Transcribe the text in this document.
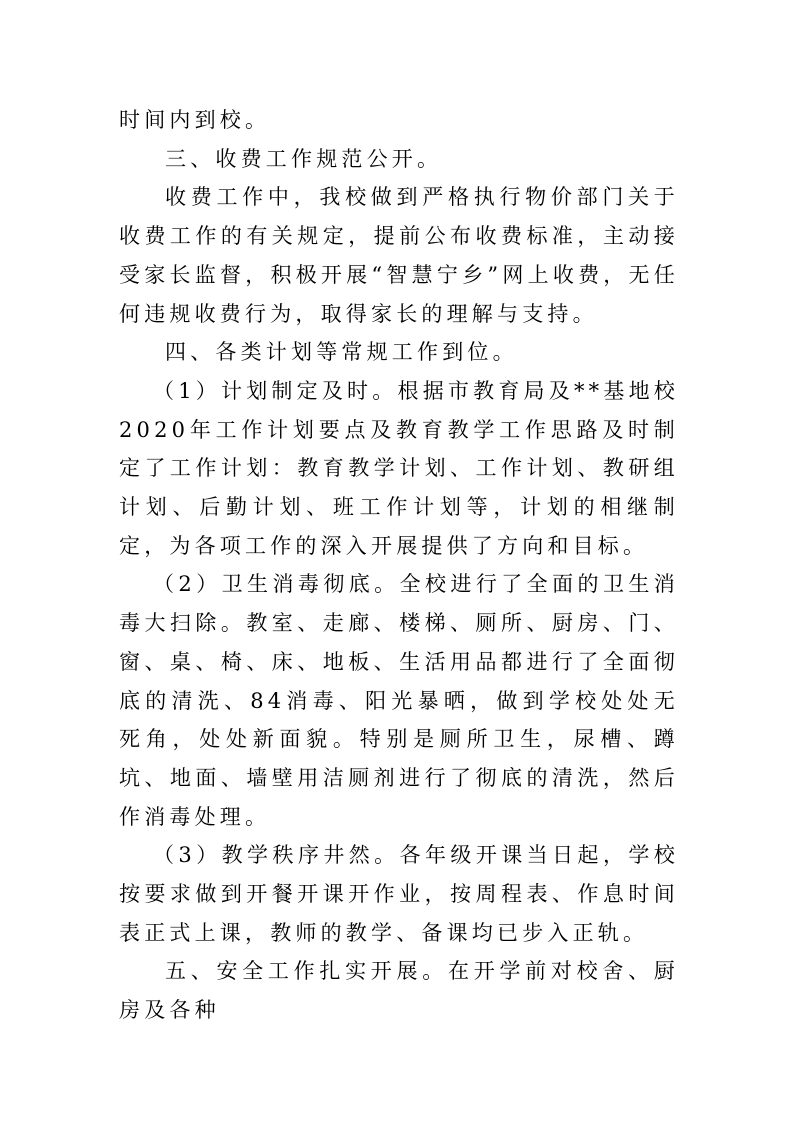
时间内到校。

三、收费工作规范公开。

收费工作中，我校做到严格执行物价部门关于收费工作的有关规定，提前公布收费标准，主动接受家长监督，积极开展“智慧宁乡”网上收费，无任何违规收费行为，取得家长的理解与支持。

四、各类计划等常规工作到位。

（1）计划制定及时。根据市教育局及**基地校2020年工作计划要点及教育教学工作思路及时制定了工作计划：教育教学计划、工作计划、教研组计划、后勤计划、班工作计划等，计划的相继制定，为各项工作的深入开展提供了方向和目标。

（2）卫生消毒彻底。全校进行了全面的卫生消毒大扫除。教室、走廊、楼梯、厕所、厨房、门、窗、桌、椅、床、地板、生活用品都进行了全面彻底的清洗、84消毒、阳光暴晒，做到学校处处无死角，处处新面貌。特别是厕所卫生，尿槽、蹲坑、地面、墙壁用洁厕剂进行了彻底的清洗，然后作消毒处理。

（3）教学秩序井然。各年级开课当日起，学校按要求做到开餐开课开作业，按周程表、作息时间表正式上课，教师的教学、备课均已步入正轨。

五、安全工作扎实开展。在开学前对校舍、厨房及各种
